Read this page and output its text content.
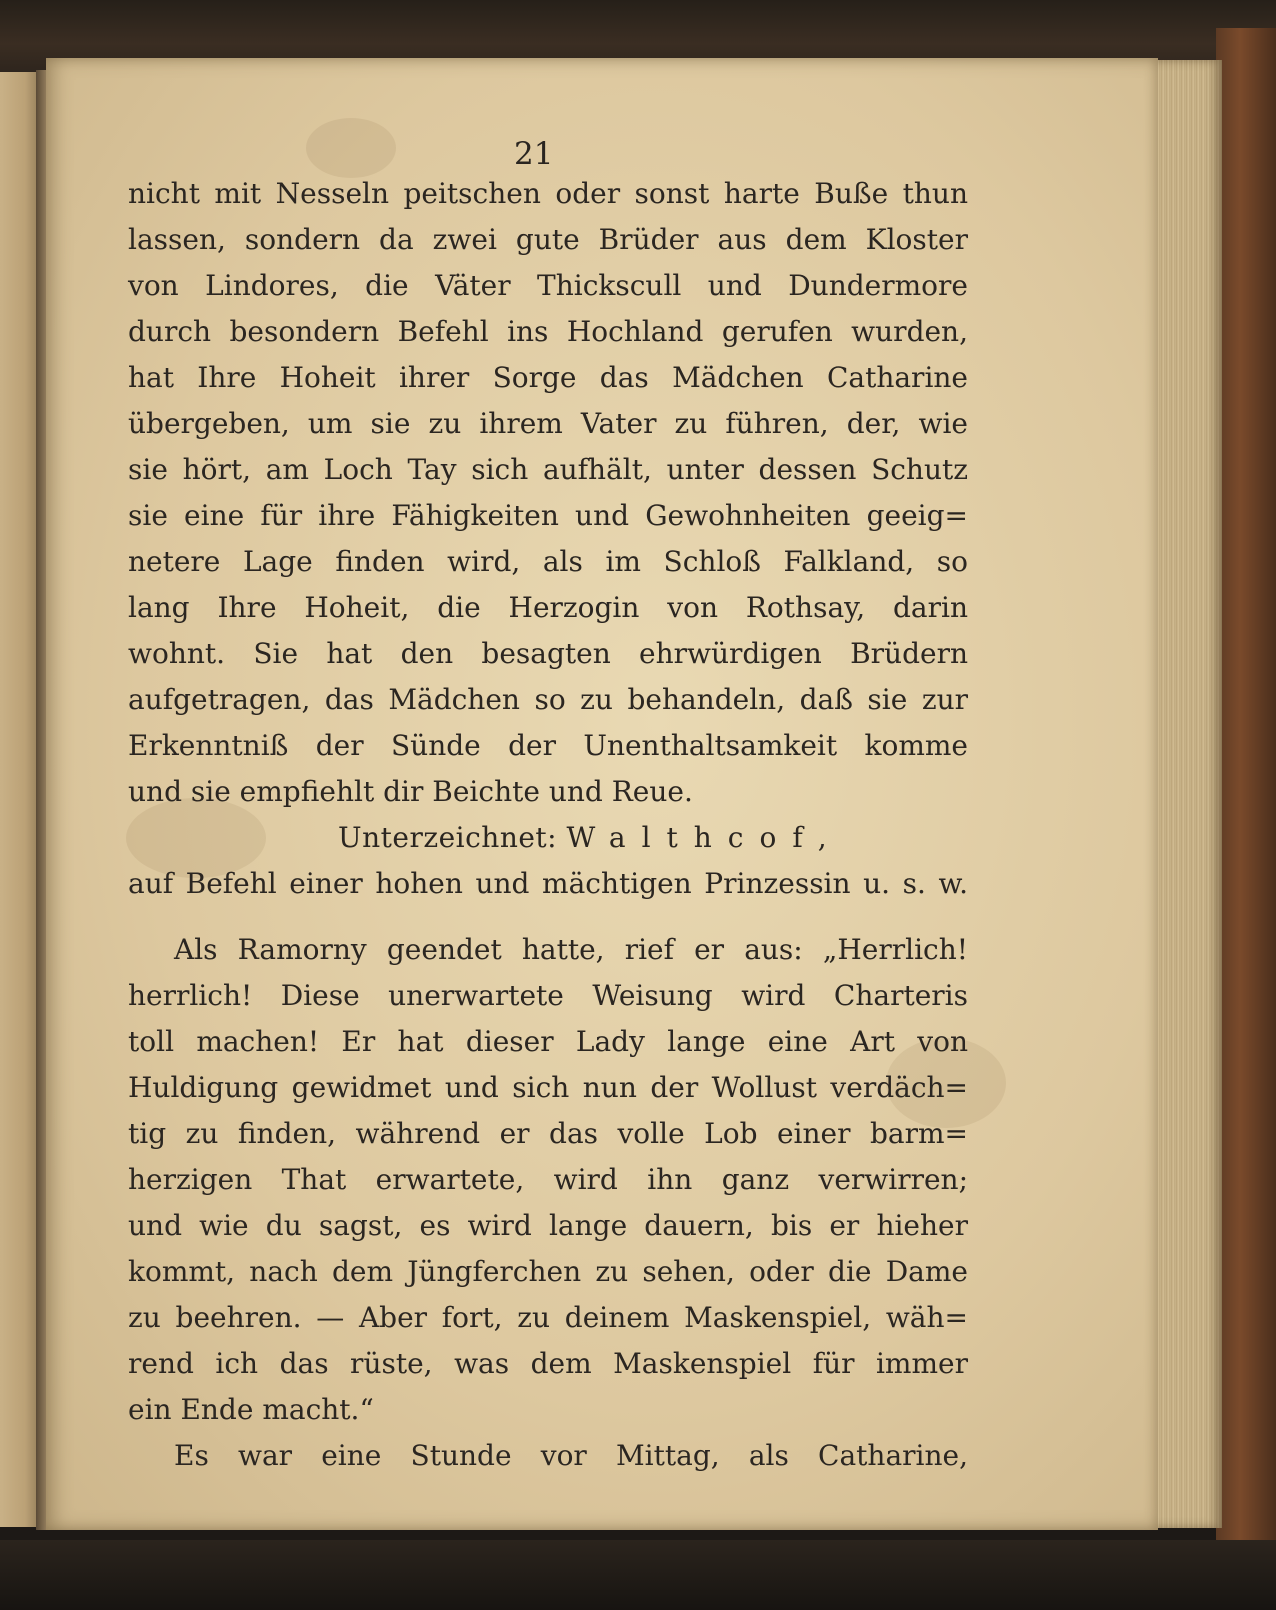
21
nicht mit Nesseln peitschen oder sonst harte Buße thun
lassen, sondern da zwei gute Brüder aus dem Kloster
von Lindores, die Väter Thickscull und Dundermore
durch besondern Befehl ins Hochland gerufen wurden,
hat Ihre Hoheit ihrer Sorge das Mädchen Catharine
übergeben, um sie zu ihrem Vater zu führen, der, wie
sie hört, am Loch Tay sich aufhält, unter dessen Schutz
sie eine für ihre Fähigkeiten und Gewohnheiten geeig=
netere Lage finden wird, als im Schloß Falkland, so
lang Ihre Hoheit, die Herzogin von Rothsay, darin
wohnt. Sie hat den besagten ehrwürdigen Brüdern
aufgetragen, das Mädchen so zu behandeln, daß sie zur
Erkenntniß der Sünde der Unenthaltsamkeit komme
und sie empfiehlt dir Beichte und Reue.
Unterzeichnet: Walthcof,
auf Befehl einer hohen und mächtigen Prinzessin u. s. w.
Als Ramorny geendet hatte, rief er aus: „Herrlich!
herrlich! Diese unerwartete Weisung wird Charteris
toll machen! Er hat dieser Lady lange eine Art von
Huldigung gewidmet und sich nun der Wollust verdäch=
tig zu finden, während er das volle Lob einer barm=
herzigen That erwartete, wird ihn ganz verwirren;
und wie du sagst, es wird lange dauern, bis er hieher
kommt, nach dem Jüngferchen zu sehen, oder die Dame
zu beehren. — Aber fort, zu deinem Maskenspiel, wäh=
rend ich das rüste, was dem Maskenspiel für immer
ein Ende macht.“
Es war eine Stunde vor Mittag, als Catharine,
